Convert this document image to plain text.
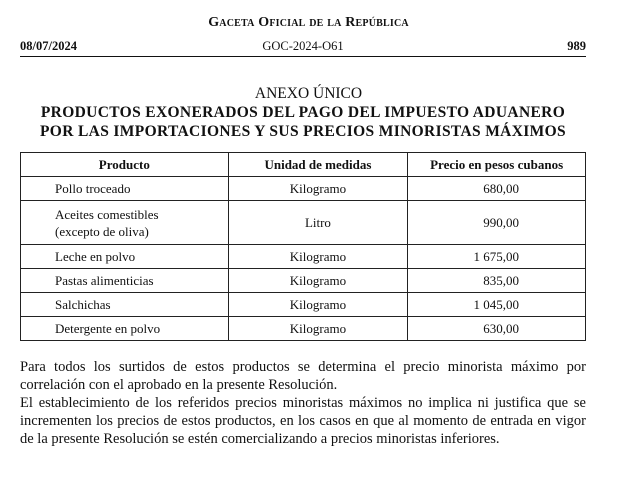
Gaceta Oficial de la República
08/07/2024	GOC-2024-O61	989
ANEXO ÚNICO
PRODUCTOS EXONERADOS DEL PAGO DEL IMPUESTO ADUANERO
POR LAS IMPORTACIONES Y SUS PRECIOS MINORISTAS MÁXIMOS
Producto	Unidad de medidas	Precio en pesos cubanos
Pollo troceado	Kilogramo	680,00

Aceites comestibles
(excepto de oliva)	Litro	990,00
Leche en polvo	Kilogramo	1 675,00
Pastas alimenticias	Kilogramo	835,00
Salchichas	Kilogramo	1 045,00
Detergente en polvo	Kilogramo	630,00
Para todos los surtidos de estos productos se determina el precio minorista máximo por correlación con el aprobado en la presente Resolución.
El establecimiento de los referidos precios minoristas máximos no implica ni justifica que se incrementen los precios de estos productos, en los casos en que al momento de entrada en vigor de la presente Resolución se estén comercializando a precios minoristas inferiores.
